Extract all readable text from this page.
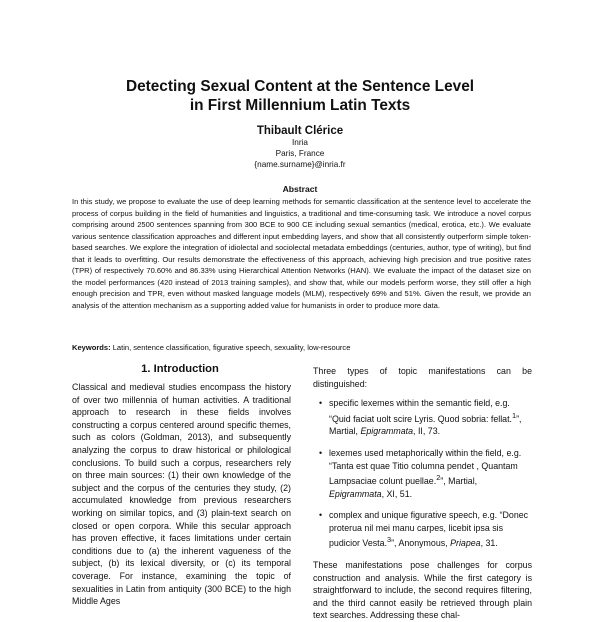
Detecting Sexual Content at the Sentence Level
in First Millennium Latin Texts
Thibault Clérice
Inria
Paris, France
{name.surname}@inria.fr
Abstract
In this study, we propose to evaluate the use of deep learning methods for semantic classification at the sentence level to accelerate the process of corpus building in the field of humanities and linguistics, a traditional and time-consuming task. We introduce a novel corpus comprising around 2500 sentences spanning from 300 BCE to 900 CE including sexual semantics (medical, erotica, etc.). We evaluate various sentence classification approaches and different input embedding layers, and show that all consistently outperform simple token-based searches. We explore the integration of idiolectal and sociolectal metadata embeddings (centuries, author, type of writing), but find that it leads to overfitting. Our results demonstrate the effectiveness of this approach, achieving high precision and true positive rates (TPR) of respectively 70.60% and 86.33% using Hierarchical Attention Networks (HAN). We evaluate the impact of the dataset size on the model performances (420 instead of 2013 training samples), and show that, while our models perform worse, they still offer a high enough precision and TPR, even without masked language models (MLM), respectively 69% and 51%. Given the result, we provide an analysis of the attention mechanism as a supporting added value for humanists in order to produce more data.
Keywords: Latin, sentence classification, figurative speech, sexuality, low-resource
1. Introduction

Classical and medieval studies encompass the history of over two millennia of human activities. A traditional approach to research in these fields involves constructing a corpus centered around specific themes, such as colors (Goldman, 2013), and subsequently analyzing the corpus to draw historical or philological conclusions. To build such a corpus, researchers rely on three main sources: (1) their own knowledge of the subject and the corpus of the centuries they study, (2) accumulated knowledge from previous researchers working on similar topics, and (3) plain-text search on closed or open corpora. While this secular approach has proven effective, it faces limitations under certain conditions due to (a) the inherent vagueness of the subject, (b) its lexical diversity, or (c) its temporal coverage. For instance, examining the topic of sexualities in Latin from antiquity (300 BCE) to the high Middle Ages

Three types of topic manifestations can be distinguished:

• specific lexemes within the semantic field, e.g. “Quid faciat uolt scire Lyris. Quod sobria: fellat.$^1$”, Martial, Epigrammata, II, 73.
• lexemes used metaphorically within the field, e.g. “Tanta est quae Titio columna pendet , Quantam Lampsaciae colunt puellae.$^2$”, Martial, Epigrammata, XI, 51.
• complex and unique figurative speech, e.g. “Donec proterua nil mei manu carpes, licebit ipsa sis pudicior Vesta.$^3$”, Anonymous, Priapea, 31.

These manifestations pose challenges for corpus construction and analysis. While the first category is straightforward to include, the second requires filtering, and the third cannot easily be retrieved through plain text searches. Addressing these chal-
